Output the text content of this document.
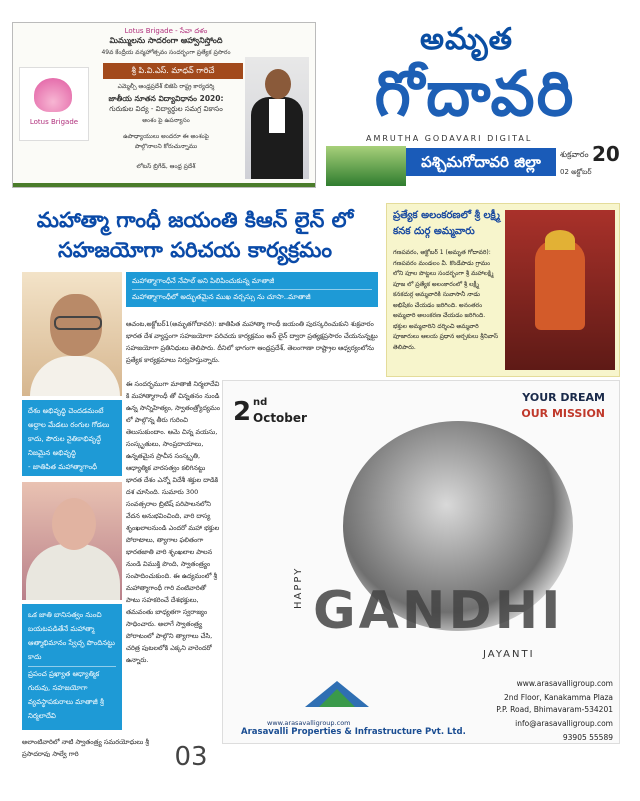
Lotus Brigade - సేవా దళం
మిమ్ములను సాదరంగా ఆహ్వానిస్తోంది
49వ కేంద్రీయ వన్మహోత్సవం సందర్భంగా ప్రత్యేక ప్రసారం
శ్రీ పి.వి.ఎస్. మాధవ్ గారిచే
ఎమ్మెల్సీ ఆంధ్రప్రదేశ్ బిజెపి రాష్ట్ర కార్యదర్శి
జాతీయ నూతన విద్యావిధానం 2020:
గురుకుల విద్య - విద్యార్థుల సమగ్ర వికాసం
అంశం పై ఉపన్యాసం
ఉపాధ్యాయులు అందరూ ఈ అంశంపై
పాల్గొనాలని కోరుచున్నాము
లోటస్ బ్రిగేడ్, ఆంధ్ర ప్రదేశ్
Lotus Brigade
అమృత
గోదావరి
AMRUTHA GODAVARI DIGITAL
పశ్చిమగోదావరి జిల్లా	శుక్రవారం 20
02 అక్టోబర్
మహాత్మా గాంధీ జయంతి కిఆన్ లైన్ లో సహజయోగా పరిచయ కార్యక్రమం
దేశం అభివృద్ధి చెందడమంటే అద్దాల మేడలు రంగుల గోడలు కాదు, పౌరుల నైతికాభివృద్ధే నిజమైన అభివృద్ధి
- జాతిపిత మహాత్మాగాంధీ
ఒక జాతి బానిసత్వం నుంచి బయటపడితేనే మహాత్మా ఆత్మాభిమానం స్వేచ్ఛ పొందినట్టు కాదు
ప్రపంచ ప్రఖ్యాత ఆధ్యాత్మిక గురువు, సహజయోగా వ్యవస్థాపకురాలు మాతాజీ శ్రీ నిర్మలాదేవి
మహాత్మాగాంధీనే నేపాల్ అని పిలిపించుకున్న మాతాజీ
మహాత్మాగాంధీలో అద్భుతమైన ముఖ వర్చస్సు ను చూసా..మాతాజీ
ఆచంట,అక్టోబర్1(అమృతగోదావరి): జాతిపిత మహాత్మా గాంధీ జయంతి పురస్కరించుకుని శుక్రవారం భారత దేశ వ్యాప్తంగా సహజయోగా పరిచయ కార్యక్రమం ఆన్ లైన్ ద్వారా ప్రత్యక్షప్రసారం చేయనున్నట్టు సహజయోగా ప్రతినిధులు తెలిపారు. దీనిలో భాగంగా ఆంధ్రప్రదేశ్, తెలంగాణా రాష్ట్రాల ఆధ్వర్యంలోను ప్రత్యేక కార్యక్రమాలు నిర్వహిస్తున్నారు.
ఈ సందర్భముగా మాతాజీ నిర్మలాదేవి కి మహాత్మాగాంధీ తో చిన్నతనం నుండి ఉన్న సాన్నిహిత్యం, స్వాతంత్ర్యోద్యమం లో పాల్గొన్న తీరు గురించి తెలుసుకుందాం. ఆమె చిన్న వయసు, సంస్కృతులు, సాంప్రదాయాలు, ఉన్నతమైన ప్రాచీన సంస్కృతి, ఆధ్యాత్మిక వారసత్వం కలిగినట్టు భారత దేశం ఎన్నో విదేశీ శక్తుల దాడికి దశ చూసింది. సుమారు 300 సంవత్సరాల బ్రిటిష్ పరిపాలనలోని వేదన అనుభవించింది, వారి దాస్య శృంఖలాలనుండి ఎందరో మహా భక్తుల పోరాటాలు, త్యాగాల ఫలితంగా భారతజాతి వారి శృంఖలాల పాలన నుండి విముక్తి పొంది, స్వాతంత్ర్యం సంపాదించుకుంది. ఈ ఉద్యమంలో శ్రీ మహాత్మాగాంధీ గారి వంటివారితో పాటు సహకరించే దేశభక్తులు, తమవంతు బాధ్యతగా స్వరాజ్యం సాధించారు. అలాగే స్వాతంత్ర్య పోరాటంలో పాల్గొని త్యాగాలు చేసి, చరిత్ర పుటలలోకి ఎక్కని వారెందరో ఉన్నారు.
అలాంటివారిలో నాటి స్వాతంత్ర్య సమరయోధులు శ్రీ ప్రసాదరావు సాల్వే గారి	03
ప్రత్యేక అలంకరణలో శ్రీ లక్ష్మీ కనక దుర్గ అమ్మవారు
గణపవరం, అక్టోబర్ 1 (అమృత గోదావరి): గణపవరం మండలం వీ. కొండేపాడు గ్రామం లోని పూల పొట్టలు సందర్భంగా శ్రీ మహాలక్ష్మి పూజ లో ప్రత్యేక అలంకారంలో శ్రీ లక్ష్మీ కనకదుర్గ అమ్మవారికి సువాసానీ నాడు అభిషేకం చేయడం జరిగింది. అనంతరం అమ్మవారి అలంకరణ చేయడం జరిగింది. భక్తుల అమ్మవారిని దర్శించి అమ్మవారి పూజారులు ఆలయ ప్రధాన అర్చకులు శ్రీనివాస్ తెలిపారు.
2 nd
October
YOUR DREAM
OUR MISSION
HAPPY GANDHI
JAYANTI
www.arasavalligroup.com
Arasavalli Properties & Infrastructure Pvt. Ltd.
www.arasavalligroup.com
2nd Floor, Kanakamma Plaza
P.P. Road, Bhimavaram-534201
info@arasavalligroup.com
93905 55589
